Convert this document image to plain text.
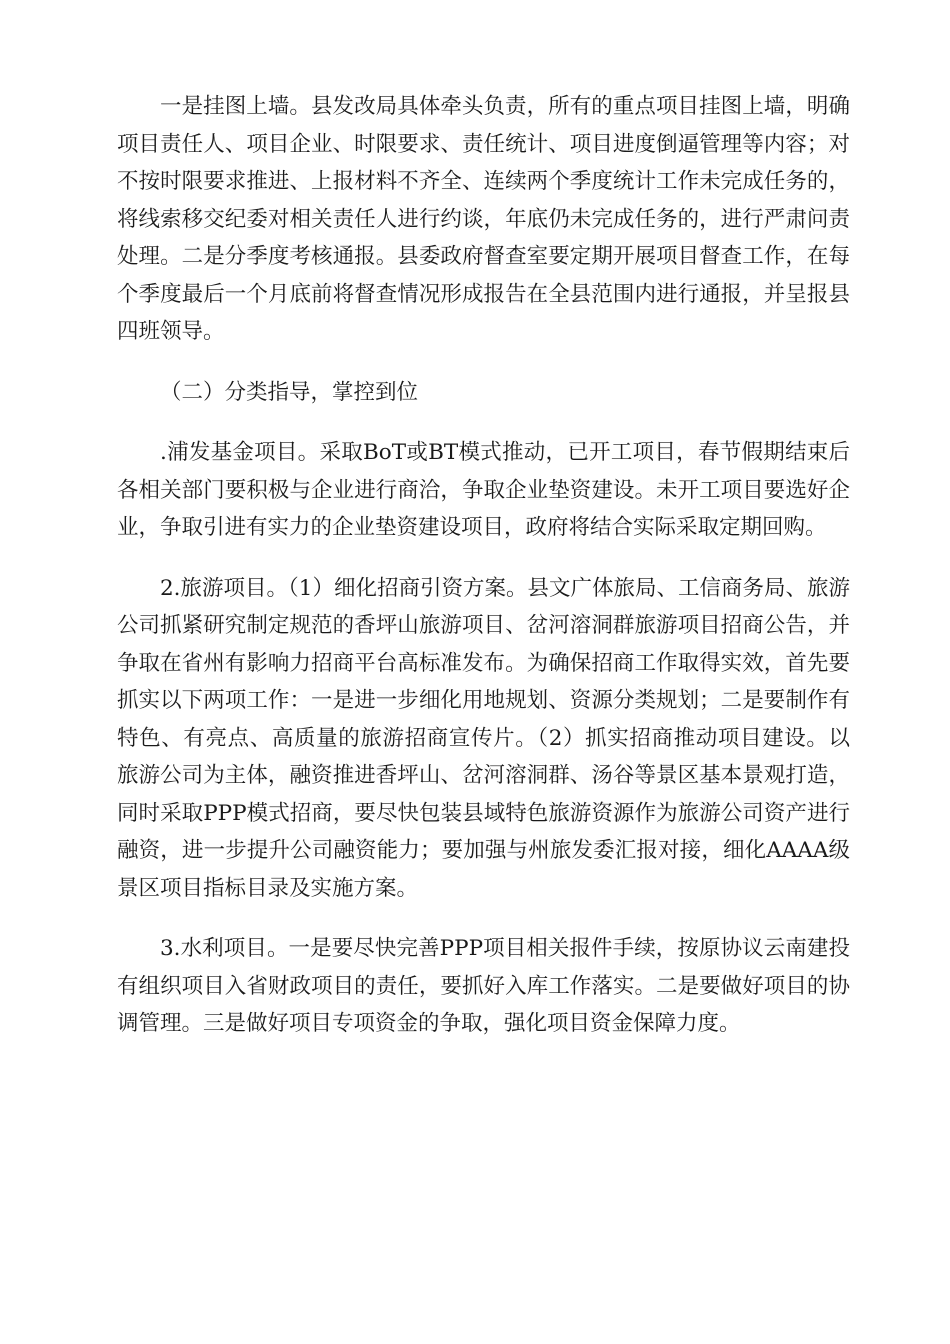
一是挂图上墙。县发改局具体牵头负责，所有的重点项目挂图上墙，明确项目责任人、项目企业、时限要求、责任统计、项目进度倒逼管理等内容；对不按时限要求推进、上报材料不齐全、连续两个季度统计工作未完成任务的，将线索移交纪委对相关责任人进行约谈，年底仍未完成任务的，进行严肃问责处理。二是分季度考核通报。县委政府督查室要定期开展项目督查工作，在每个季度最后一个月底前将督查情况形成报告在全县范围内进行通报，并呈报县四班领导。

（二）分类指导，掌控到位

.浦发基金项目。采取BoT或BT模式推动，已开工项目，春节假期结束后各相关部门要积极与企业进行商洽，争取企业垫资建设。未开工项目要选好企业，争取引进有实力的企业垫资建设项目，政府将结合实际采取定期回购。

2.旅游项目。（1）细化招商引资方案。县文广体旅局、工信商务局、旅游公司抓紧研究制定规范的香坪山旅游项目、岔河溶洞群旅游项目招商公告，并争取在省州有影响力招商平台高标准发布。为确保招商工作取得实效，首先要抓实以下两项工作：一是进一步细化用地规划、资源分类规划；二是要制作有特色、有亮点、高质量的旅游招商宣传片。（2）抓实招商推动项目建设。以旅游公司为主体，融资推进香坪山、岔河溶洞群、汤谷等景区基本景观打造，同时采取PPP模式招商，要尽快包装县域特色旅游资源作为旅游公司资产进行融资，进一步提升公司融资能力；要加强与州旅发委汇报对接，细化AAAA级景区项目指标目录及实施方案。

3.水利项目。一是要尽快完善PPP项目相关报件手续，按原协议云南建投有组织项目入省财政项目的责任，要抓好入库工作落实。二是要做好项目的协调管理。三是做好项目专项资金的争取，强化项目资金保障力度。
